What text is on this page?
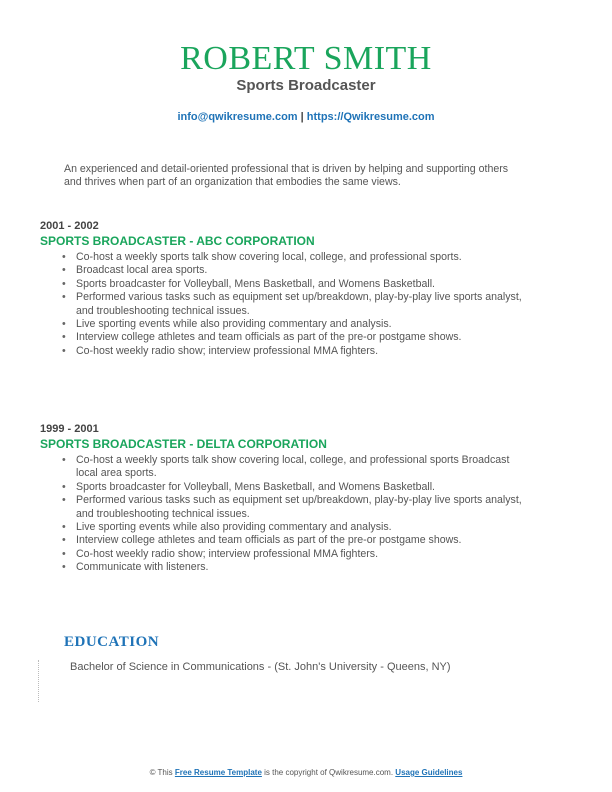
ROBERT SMITH
Sports Broadcaster
info@qwikresume.com | https://Qwikresume.com
An experienced and detail-oriented professional that is driven by helping and supporting others and thrives when part of an organization that embodies the same views.
2001 - 2002
SPORTS BROADCASTER - ABC CORPORATION
• Co-host a weekly sports talk show covering local, college, and professional sports.
• Broadcast local area sports.
• Sports broadcaster for Volleyball, Mens Basketball, and Womens Basketball.
• Performed various tasks such as equipment set up/breakdown, play-by-play live sports analyst, and troubleshooting technical issues.
• Live sporting events while also providing commentary and analysis.
• Interview college athletes and team officials as part of the pre-or postgame shows.
• Co-host weekly radio show; interview professional MMA fighters.
1999 - 2001
SPORTS BROADCASTER - DELTA CORPORATION
• Co-host a weekly sports talk show covering local, college, and professional sports Broadcast local area sports.
• Sports broadcaster for Volleyball, Mens Basketball, and Womens Basketball.
• Performed various tasks such as equipment set up/breakdown, play-by-play live sports analyst, and troubleshooting technical issues.
• Live sporting events while also providing commentary and analysis.
• Interview college athletes and team officials as part of the pre-or postgame shows.
• Co-host weekly radio show; interview professional MMA fighters.
• Communicate with listeners.
EDUCATION
Bachelor of Science in Communications - (St. John's University - Queens, NY)
© This Free Resume Template is the copyright of Qwikresume.com. Usage Guidelines
